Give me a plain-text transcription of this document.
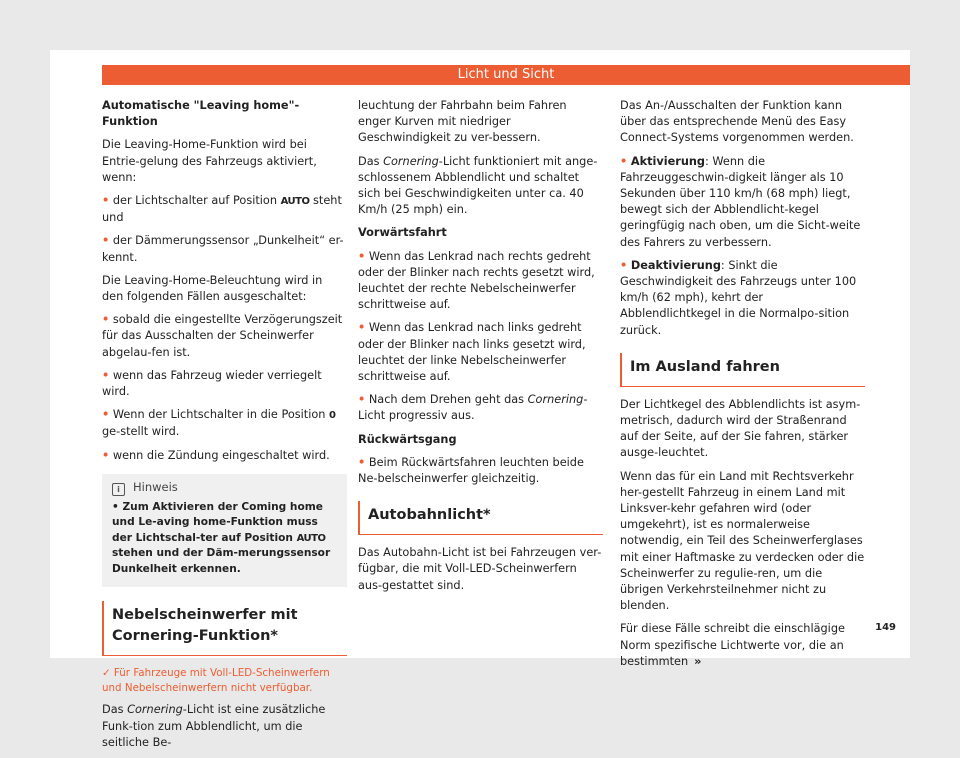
Licht und Sicht

Automatische "Leaving home"-Funktion

Die Leaving-Home-Funktion wird bei Entrie-gelung des Fahrzeugs aktiviert, wenn:

• der Lichtschalter auf Position AUTO steht und

• der Dämmerungssensor „Dunkelheit“ er-kennt.

Die Leaving-Home-Beleuchtung wird in den folgenden Fällen ausgeschaltet:

• sobald die eingestellte Verzögerungszeit für das Ausschalten der Scheinwerfer abgelau-fen ist.

• wenn das Fahrzeug wieder verriegelt wird.

• Wenn der Lichtschalter in die Position 0 ge-stellt wird.

• wenn die Zündung eingeschaltet wird.

i Hinweis
• Zum Aktivieren der Coming home und Le-aving home-Funktion muss der Lichtschal-ter auf Position AUTO stehen und der Däm-merungssensor Dunkelheit erkennen.
Nebelscheinwerfer mit Cornering-Funktion*

✓ Für Fahrzeuge mit Voll-LED-Scheinwerfern und Nebelscheinwerfern nicht verfügbar.

Das Cornering-Licht ist eine zusätzliche Funk-tion zum Abblendlicht, um die seitliche Be-

leuchtung der Fahrbahn beim Fahren enger Kurven mit niedriger Geschwindigkeit zu ver-bessern.

Das Cornering-Licht funktioniert mit ange-schlossenem Abblendlicht und schaltet sich bei Geschwindigkeiten unter ca. 40 Km/h (25 mph) ein.

Vorwärtsfahrt

• Wenn das Lenkrad nach rechts gedreht oder der Blinker nach rechts gesetzt wird, leuchtet der rechte Nebelscheinwerfer schrittweise auf.

• Wenn das Lenkrad nach links gedreht oder der Blinker nach links gesetzt wird, leuchtet der linke Nebelscheinwerfer schrittweise auf.

• Nach dem Drehen geht das Cornering-Licht progressiv aus.

Rückwärtsgang

• Beim Rückwärtsfahren leuchten beide Ne-belscheinwerfer gleichzeitig.

Autobahnlicht*

Das Autobahn-Licht ist bei Fahrzeugen ver-fügbar, die mit Voll-LED-Scheinwerfern aus-gestattet sind.

Das An-/Ausschalten der Funktion kann über das entsprechende Menü des Easy Connect-Systems vorgenommen werden.

• Aktivierung: Wenn die Fahrzeuggeschwin-digkeit länger als 10 Sekunden über 110 km/h (68 mph) liegt, bewegt sich der Abblendlicht-kegel geringfügig nach oben, um die Sicht-weite des Fahrers zu verbessern.

• Deaktivierung: Sinkt die Geschwindigkeit des Fahrzeugs unter 100 km/h (62 mph), kehrt der Abblendlichtkegel in die Normalpo-sition zurück.

Im Ausland fahren

Der Lichtkegel des Abblendlichts ist asym-metrisch, dadurch wird der Straßenrand auf der Seite, auf der Sie fahren, stärker ausge-leuchtet.

Wenn das für ein Land mit Rechtsverkehr her-gestellt Fahrzeug in einem Land mit Linksver-kehr gefahren wird (oder umgekehrt), ist es normalerweise notwendig, ein Teil des Scheinwerferglases mit einer Haftmaske zu verdecken oder die Scheinwerfer zu regulie-ren, um die übrigen Verkehrsteilnehmer nicht zu blenden.

Für diese Fälle schreibt die einschlägige Norm spezifische Lichtwerte vor, die an bestimmten »

149
